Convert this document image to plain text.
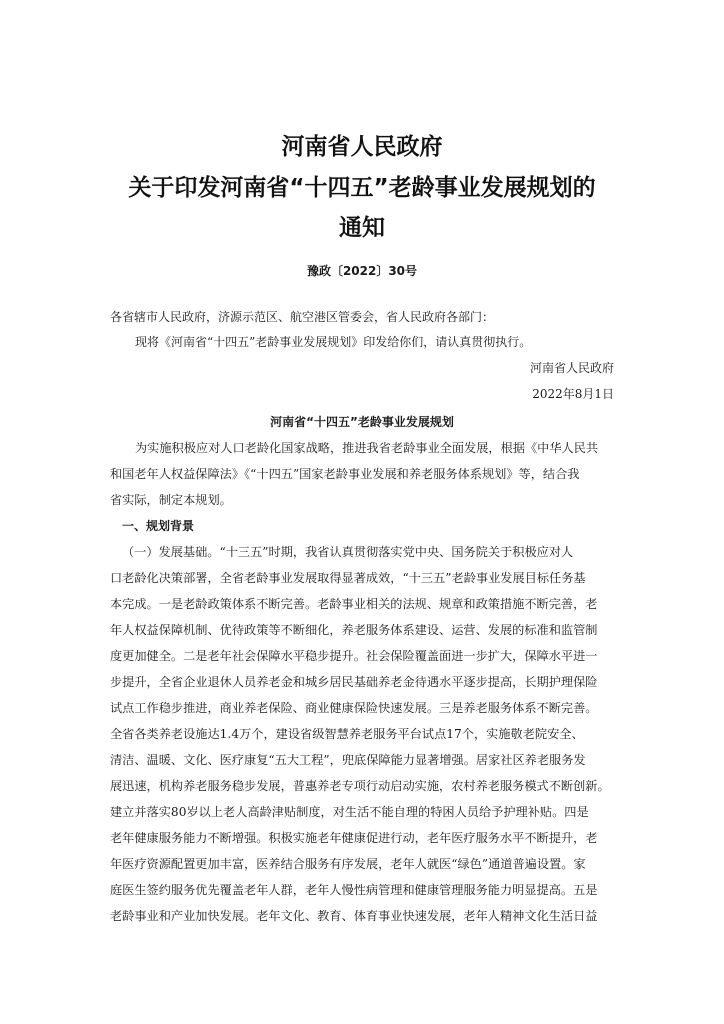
河南省人民政府
关于印发河南省“十四五”老龄事业发展规划的
通知
豫政〔2022〕30号
各省辖市人民政府，济源示范区、航空港区管委会，省人民政府各部门：
现将《河南省“十四五”老龄事业发展规划》印发给你们，请认真贯彻执行。
河南省人民政府
2022年8月1日
河南省“十四五”老龄事业发展规划
为实施积极应对人口老龄化国家战略，推进我省老龄事业全面发展，根据《中华人民共
和国老年人权益保障法》《“十四五”国家老龄事业发展和养老服务体系规划》等，结合我
省实际，制定本规划。
一、规划背景
（一）发展基础。“十三五”时期，我省认真贯彻落实党中央、国务院关于积极应对人
口老龄化决策部署，全省老龄事业发展取得显著成效，“十三五”老龄事业发展目标任务基
本完成。一是老龄政策体系不断完善。老龄事业相关的法规、规章和政策措施不断完善，老
年人权益保障机制、优待政策等不断细化，养老服务体系建设、运营、发展的标准和监管制
度更加健全。二是老年社会保障水平稳步提升。社会保险覆盖面进一步扩大，保障水平进一
步提升，全省企业退休人员养老金和城乡居民基础养老金待遇水平逐步提高，长期护理保险
试点工作稳步推进，商业养老保险、商业健康保险快速发展。三是养老服务体系不断完善。
全省各类养老设施达1.4万个，建设省级智慧养老服务平台试点17个，实施敬老院安全、
清洁、温暖、文化、医疗康复“五大工程”，兜底保障能力显著增强。居家社区养老服务发
展迅速，机构养老服务稳步发展，普惠养老专项行动启动实施，农村养老服务模式不断创新。
建立并落实80岁以上老人高龄津贴制度，对生活不能自理的特困人员给予护理补贴。四是
老年健康服务能力不断增强。积极实施老年健康促进行动，老年医疗服务水平不断提升，老
年医疗资源配置更加丰富，医养结合服务有序发展，老年人就医“绿色”通道普遍设置。家
庭医生签约服务优先覆盖老年人群，老年人慢性病管理和健康管理服务能力明显提高。五是
老龄事业和产业加快发展。老年文化、教育、体育事业快速发展，老年人精神文化生活日益
